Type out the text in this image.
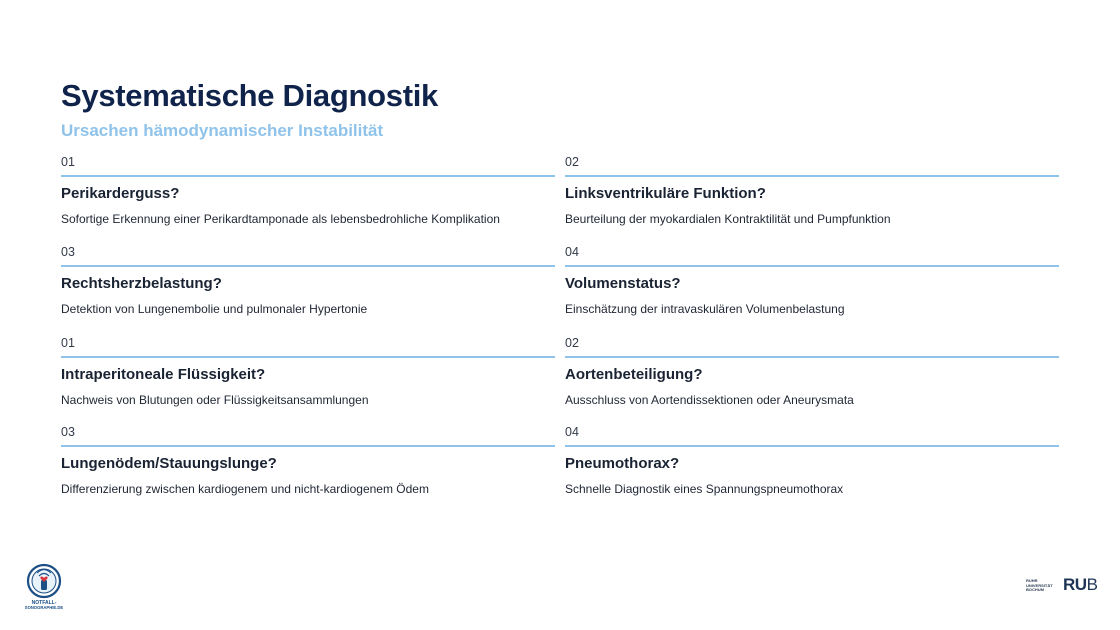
Systematische Diagnostik
Ursachen hämodynamischer Instabilität
01
Perikarderguss?
Sofortige Erkennung einer Perikardtamponade als lebensbedrohliche Komplikation
02
Linksventrikuläre Funktion?
Beurteilung der myokardialen Kontraktilität und Pumpfunktion
03
Rechtsherzbelastung?
Detektion von Lungenembolie und pulmonaler Hypertonie
04
Volumenstatus?
Einschätzung der intravaskulären Volumenbelastung
01
Intraperitoneale Flüssigkeit?
Nachweis von Blutungen oder Flüssigkeitsansammlungen
02
Aortenbeteiligung?
Ausschluss von Aortendissektionen oder Aneurysmata
03
Lungenödem/Stauungslunge?
Differenzierung zwischen kardiogenem und nicht-kardiogenem Ödem
04
Pneumothorax?
Schnelle Diagnostik eines Spannungspneumothorax
NOTFALL-
SONOGRAPHIE.DE
RUHR
UNIVERSITÄT
BOCHUM	RUB
